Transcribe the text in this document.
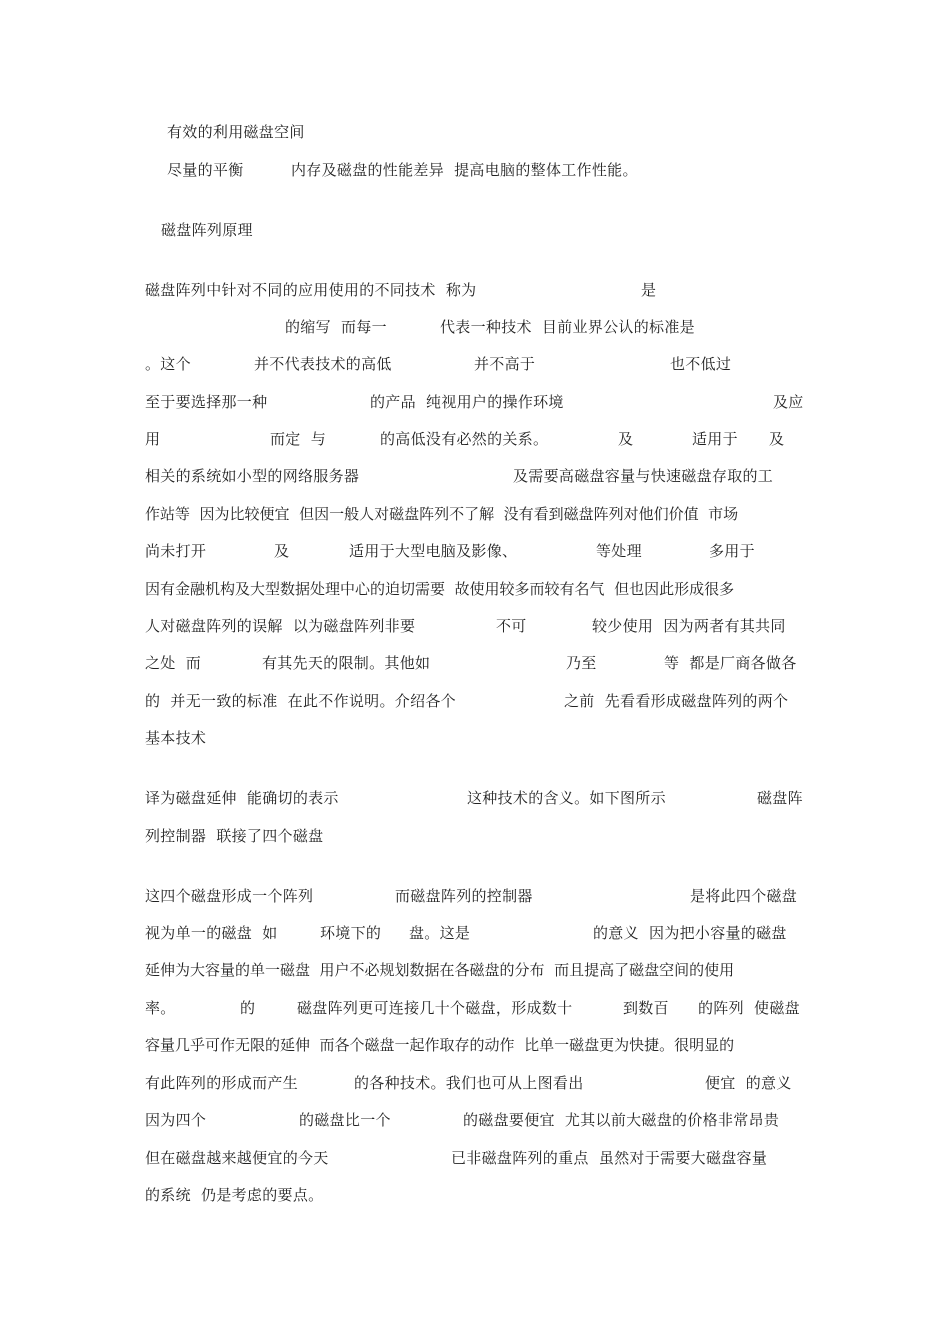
有效的利用磁盘空间
尽量的平衡	内存及磁盘的性能差异  提高电脑的整体工作性能。
磁盘阵列原理
磁盘阵列中针对不同的应用使用的不同技术  称为	是
的缩写  而每一	代表一种技术  目前业界公认的标准是
。这个	并不代表技术的高低	并不高于	也不低过
至于要选择那一种	的产品  纯视用户的操作环境	及应
用	而定  与	的高低没有必然的关系。	及	适用于 及
相关的系统如小型的网络服务器	及需要高磁盘容量与快速磁盘存取的工
作站等  因为比较便宜  但因一般人对磁盘阵列不了解  没有看到磁盘阵列对他们价值  市场
尚未打开	及	适用于大型电脑及影像、	等处理	多用于
因有金融机构及大型数据处理中心的迫切需要  故使用较多而较有名气  但也因此形成很多
人对磁盘阵列的误解  以为磁盘阵列非要	不可	较少使用  因为两者有其共同
之处  而	有其先天的限制。其他如	乃至	等  都是厂商各做各
的  并无一致的标准  在此不作说明。介绍各个	之前  先看看形成磁盘阵列的两个
基本技术
译为磁盘延伸  能确切的表示	这种技术的含义。如下图所示	磁盘阵
列控制器  联接了四个磁盘
这四个磁盘形成一个阵列	而磁盘阵列的控制器	是将此四个磁盘
视为单一的磁盘  如	环境下的 盘。这是	的意义  因为把小容量的磁盘
延伸为大容量的单一磁盘  用户不必规划数据在各磁盘的分布  而且提高了磁盘空间的使用
率。	的	磁盘阵列更可连接几十个磁盘，形成数十	到数百 的阵列  使磁盘
容量几乎可作无限的延伸  而各个磁盘一起作取存的动作  比单一磁盘更为快捷。很明显的
有此阵列的形成而产生	的各种技术。我们也可从上图看出	便宜  的意义
因为四个	的磁盘比一个	的磁盘要便宜  尤其以前大磁盘的价格非常昂贵
但在磁盘越来越便宜的今天	已非磁盘阵列的重点  虽然对于需要大磁盘容量
的系统  仍是考虑的要点。
